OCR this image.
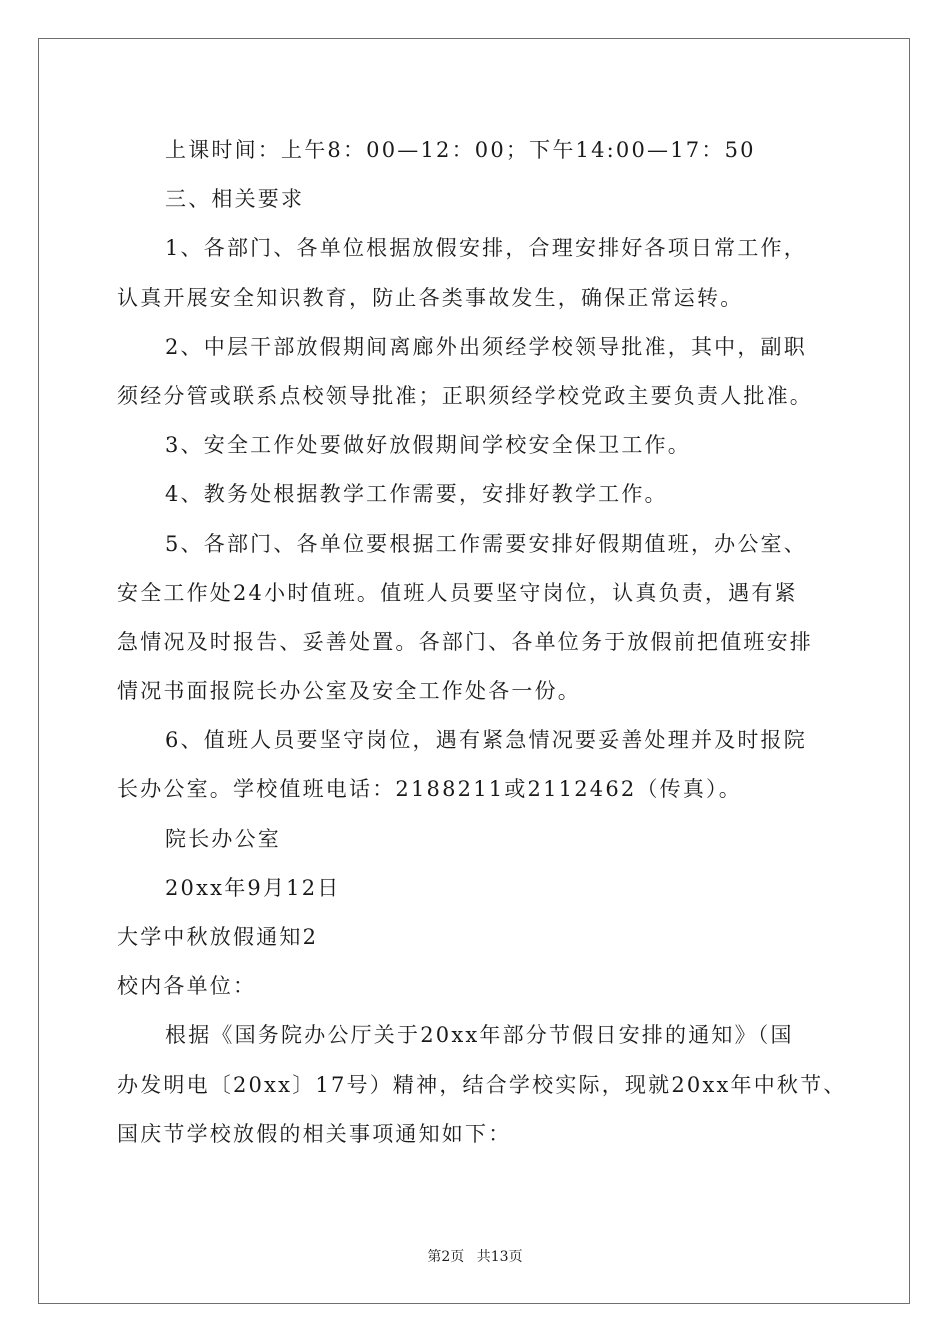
上课时间：上午8：00—12：00；下午14:00—17：50
三、相关要求
1、各部门、各单位根据放假安排，合理安排好各项日常工作，
认真开展安全知识教育，防止各类事故发生，确保正常运转。
2、中层干部放假期间离廊外出须经学校领导批准，其中，副职
须经分管或联系点校领导批准；正职须经学校党政主要负责人批准。
3、安全工作处要做好放假期间学校安全保卫工作。
4、教务处根据教学工作需要，安排好教学工作。
5、各部门、各单位要根据工作需要安排好假期值班，办公室、
安全工作处24小时值班。值班人员要坚守岗位，认真负责，遇有紧
急情况及时报告、妥善处置。各部门、各单位务于放假前把值班安排
情况书面报院长办公室及安全工作处各一份。
6、值班人员要坚守岗位，遇有紧急情况要妥善处理并及时报院
长办公室。学校值班电话：2188211或2112462（传真）。
院长办公室
20xx年9月12日
大学中秋放假通知2
校内各单位：
根据《国务院办公厅关于20xx年部分节假日安排的通知》（国
办发明电〔20xx〕17号）精神，结合学校实际，现就20xx年中秋节、
国庆节学校放假的相关事项通知如下：
第2页 共13页
